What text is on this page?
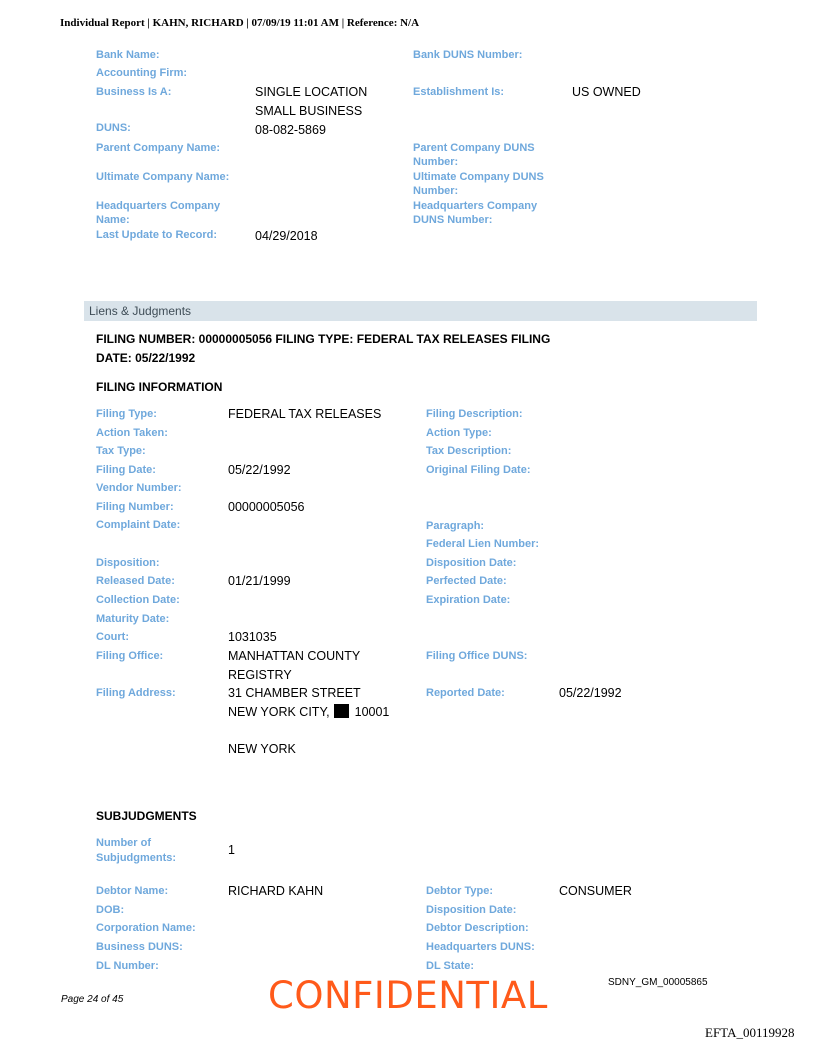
Individual Report | KAHN, RICHARD | 07/09/19 11:01 AM | Reference: N/A
Bank Name:	Bank DUNS Number:
Accounting Firm:
Business Is A:	SINGLE LOCATION
SMALL BUSINESS
Establishment Is:	US OWNED
DUNS:	08-082-5869
Parent Company Name:	Parent Company DUNS
Number:
Ultimate Company Name:	Ultimate Company DUNS
Number:
Headquarters Company
Name:
Headquarters Company
DUNS Number:
Last Update to Record:	04/29/2018
Liens & Judgments
FILING NUMBER: 00000005056 FILING TYPE: FEDERAL TAX RELEASES FILING
DATE: 05/22/1992
FILING INFORMATION
Filing Type:	FEDERAL TAX RELEASES	Filing Description:
Action Taken:	Action Type:
Tax Type:	Tax Description:
Filing Date:	05/22/1992	Original Filing Date:
Vendor Number:
Filing Number:	00000005056
Complaint Date:	Paragraph:
Federal Lien Number:
Disposition:	Disposition Date:
Released Date:	01/21/1999	Perfected Date:
Collection Date:	Expiration Date:
Maturity Date:
Court:	1031035
Filing Office:	MANHATTAN COUNTY
REGISTRY
Filing Office DUNS:
Filing Address:	31 CHAMBER STREET
NEW YORK CITY, 10001
NEW YORK
Reported Date:	05/22/1992
SUBJUDGMENTS
Number of
Subjudgments:
1
Debtor Name:	RICHARD KAHN	Debtor Type:	CONSUMER
DOB:	Disposition Date:
Corporation Name:	Debtor Description:
Business DUNS:	Headquarters DUNS:
DL Number:	DL State:
Page 24 of 45	CONFIDENTIAL	SDNY_GM_00005865
EFTA_00119928
